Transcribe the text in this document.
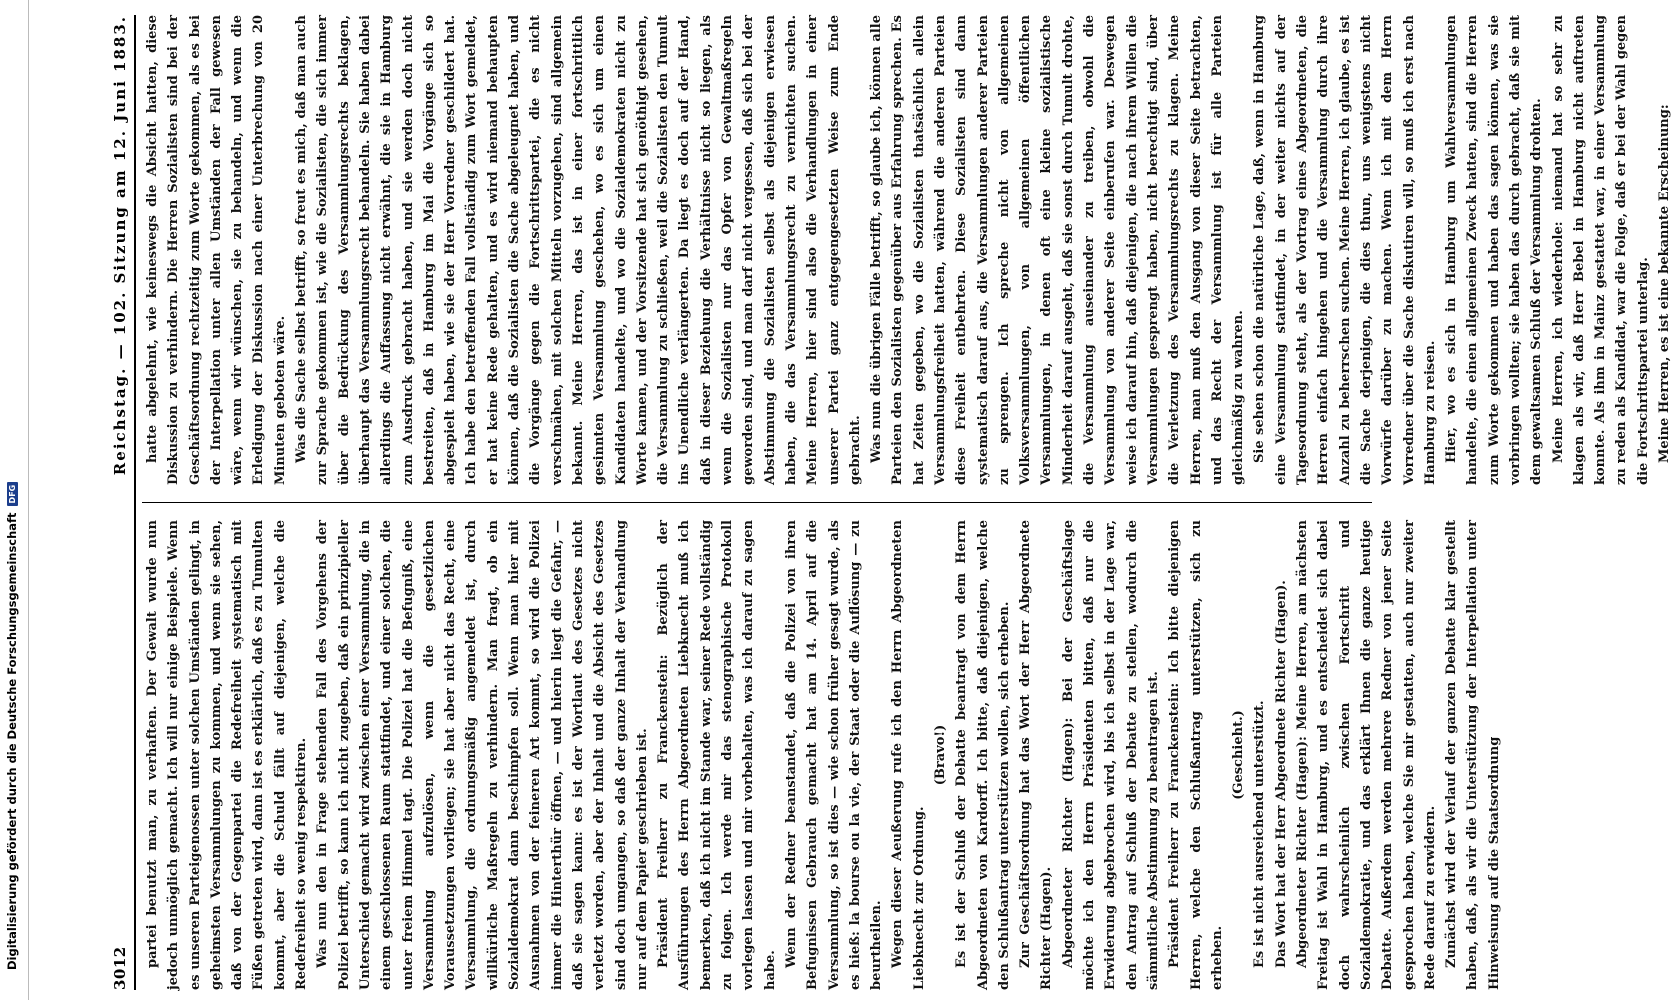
Digitalisierung gefördert durch die Deutsche Forschungsgemeinschaft
DFG
3012
Reichstag. — 102. Sitzung am 12. Juni 1883.

partei benutzt man, zu verhaften. Der Gewalt wurde nun jedoch unmöglich gemacht. Ich will nur einige Beispiele. Wenn es unseren Parteigenossen unter solchen Umständen gelingt, in geheimsten Versammlungen zu kommen, und wenn sie sehen, daß von der Gegenpartei die Redefreiheit systematisch mit Füßen getreten wird, dann ist es erklärlich, daß es zu Tumulten kommt, aber die Schuld fällt auf diejenigen, welche die Redefreiheit so wenig respektiren. Was nun den in Frage stehenden Fall des Vorgehens der Polizei betrifft, so kann ich nicht zugeben, daß ein prinzipieller Unterschied gemacht wird zwischen einer Versammlung, die in einem geschlossenen Raum stattfindet, und einer solchen, die unter freiem Himmel tagt. Die Polizei hat die Befugniß, eine Versammlung aufzulösen, wenn die gesetzlichen Voraussetzungen vorliegen; sie hat aber nicht das Recht, eine Versammlung, die ordnungsmäßig angemeldet ist, durch willkürliche Maßregeln zu verhindern. Man fragt, ob ein Sozialdemokrat dann beschimpfen soll. Wenn man hier mit Ausnahmen von der feineren Art kommt, so wird die Polizei immer die Hinterthür öffnen, — und hierin liegt die Gefahr, — daß sie sagen kann: es ist der Wortlaut des Gesetzes nicht verletzt worden, aber der Inhalt und die Absicht des Gesetzes sind doch umgangen, so daß der ganze Inhalt der Verhandlung nur auf dem Papier geschrieben ist. Präsident Freiherr zu Franckenstein: Bezüglich der Ausführungen des Herrn Abgeordneten Liebknecht muß ich bemerken, daß ich nicht im Stande war, seiner Rede vollständig zu folgen. Ich werde mir das stenographische Protokoll vorlegen lassen und mir vorbehalten, was ich darauf zu sagen habe.

Wenn der Redner beanstandet, daß die Polizei von ihren Befugnissen Gebrauch gemacht hat am 14. April auf die Versammlung, so ist dies — wie schon früher gesagt wurde, als es hieß: la bourse ou la vie, der Staat oder die Auflösung — zu beurtheilen. Wegen dieser Aeußerung rufe ich den Herrn Abgeordneten Liebknecht zur Ordnung.

(Bravo!) Es ist der Schluß der Debatte beantragt von dem Herrn Abgeordneten von Kardorff. Ich bitte, daß diejenigen, welche den Schlußantrag unterstützen wollen, sich erheben. Zur Geschäftsordnung hat das Wort der Herr Abgeordnete Richter (Hagen). Abgeordneter Richter (Hagen): Bei der Geschäftslage möchte ich den Herrn Präsidenten bitten, daß nur die Erwiderung abgebrochen wird, bis ich selbst in der Lage war, den Antrag auf Schluß der Debatte zu stellen, wodurch die sämmtliche Abstimmung zu beantragen ist. Präsident Freiherr zu Franckenstein: Ich bitte diejenigen Herren, welche den Schlußantrag unterstützen, sich zu erheben.

(Geschieht.) Es ist nicht ausreichend unterstützt. Das Wort hat der Herr Abgeordnete Richter (Hagen). Abgeordneter Richter (Hagen): Meine Herren, am nächsten Freitag ist Wahl in Hamburg, und es entscheidet sich dabei doch wahrscheinlich zwischen Fortschritt und Sozialdemokratie, und das erklärt Ihnen die ganze heutige Debatte. Außerdem werden mehrere Redner von jener Seite gesprochen haben, welche Sie mir gestatten, auch nur zweiter Rede darauf zu erwidern. Zunächst wird der Verlauf der ganzen Debatte klar gestellt haben, daß, als wir die Unterstützung der Interpellation unter Hinweisung auf die Staatsordnung

hatte abgelehnt, wie keineswegs die Absicht hatten, diese Diskussion zu verhindern. Die Herren Sozialisten sind bei der Geschäftsordnung rechtzeitig zum Worte gekommen, als es bei der Interpellation unter allen Umständen der Fall gewesen wäre, wenn wir wünschen, sie zu behandeln, und wenn die Erledigung der Diskussion nach einer Unterbrechung von 20 Minuten geboten wäre. Was die Sache selbst betrifft, so freut es mich, daß man auch zur Sprache gekommen ist, wie die Sozialisten, die sich immer über die Bedrückung des Versammlungsrechts beklagen, überhaupt das Versammlungsrecht behandeln. Sie haben dabei allerdings die Auffassung nicht erwähnt, die sie in Hamburg zum Ausdruck gebracht haben, und sie werden doch nicht bestreiten, daß in Hamburg im Mai die Vorgänge sich so abgespielt haben, wie sie der Herr Vorredner geschildert hat. Ich habe den betreffenden Fall vollständig zum Wort gemeldet, er hat keine Rede gehalten, und es wird niemand behaupten können, daß die Sozialisten die Sache abgeleugnet haben, und die Vorgänge gegen die Fortschrittspartei, die es nicht verschmähen, mit solchen Mitteln vorzugehen, sind allgemein bekannt. Meine Herren, das ist in einer fortschrittlich gesinnten Versammlung geschehen, wo es sich um einen Kandidaten handelte, und wo die Sozialdemokraten nicht zu Worte kamen, und der Vorsitzende hat sich genöthigt gesehen, die Versammlung zu schließen, weil die Sozialisten den Tumult ins Unendliche verlängerten. Da liegt es doch auf der Hand, daß in dieser Beziehung die Verhältnisse nicht so liegen, als wenn die Sozialisten nur das Opfer von Gewaltmaßregeln geworden sind, und man darf nicht vergessen, daß sich bei der Abstimmung die Sozialisten selbst als diejenigen erwiesen haben, die das Versammlungsrecht zu vernichten suchen. Meine Herren, hier sind also die Verhandlungen in einer unserer Partei ganz entgegengesetzten Weise zum Ende gebracht. Was nun die übrigen Fälle betrifft, so glaube ich, können alle Parteien den Sozialisten gegenüber aus Erfahrung sprechen. Es hat Zeiten gegeben, wo die Sozialisten thatsächlich allein Versammlungsfreiheit hatten, während die anderen Parteien diese Freiheit entbehrten. Diese Sozialisten sind dann systematisch darauf aus, die Versammlungen anderer Parteien zu sprengen. Ich spreche nicht von allgemeinen Volksversammlungen, von allgemeinen öffentlichen Versammlungen, in denen oft eine kleine sozialistische Minderheit darauf ausgeht, daß sie sonst durch Tumult drohte, die Versammlung auseinander zu treiben, obwohl die Versammlung von anderer Seite einberufen war. Deswegen weise ich darauf hin, daß diejenigen, die nach ihrem Willen die Versammlungen gesprengt haben, nicht berechtigt sind, über die Verletzung des Versammlungsrechts zu klagen. Meine Herren, man muß den Ausgang von dieser Seite betrachten, und das Recht der Versammlung ist für alle Parteien gleichmäßig zu wahren. Sie sehen schon die natürliche Lage, daß, wenn in Hamburg eine Versammlung stattfindet, in der weiter nichts auf der Tagesordnung steht, als der Vortrag eines Abgeordneten, die Herren einfach hingehen und die Versammlung durch ihre Anzahl zu beherrschen suchen. Meine Herren, ich glaube, es ist die Sache derjenigen, die dies thun, uns wenigstens nicht Vorwürfe darüber zu machen. Wenn ich mit dem Herrn Vorredner über die Sache diskutiren will, so muß ich erst nach Hamburg zu reisen. Hier, wo es sich in Hamburg um Wahlversammlungen handelte, die einen allgemeinen Zweck hatten, sind die Herren zum Worte gekommen und haben das sagen können, was sie vorbringen wollten; sie haben das durch gebracht, daß sie mit dem gewaltsamen Schluß der Versammlung drohten. Meine Herren, ich wiederhole: niemand hat so sehr zu klagen als wir, daß Herr Bebel in Hamburg nicht auftreten konnte. Als ihm in Mainz gestattet war, in einer Versammlung zu reden als Kandidat, war die Folge, daß er bei der Wahl gegen die Fortschrittspartei unterlag. Meine Herren, es ist eine bekannte Erscheinung:
